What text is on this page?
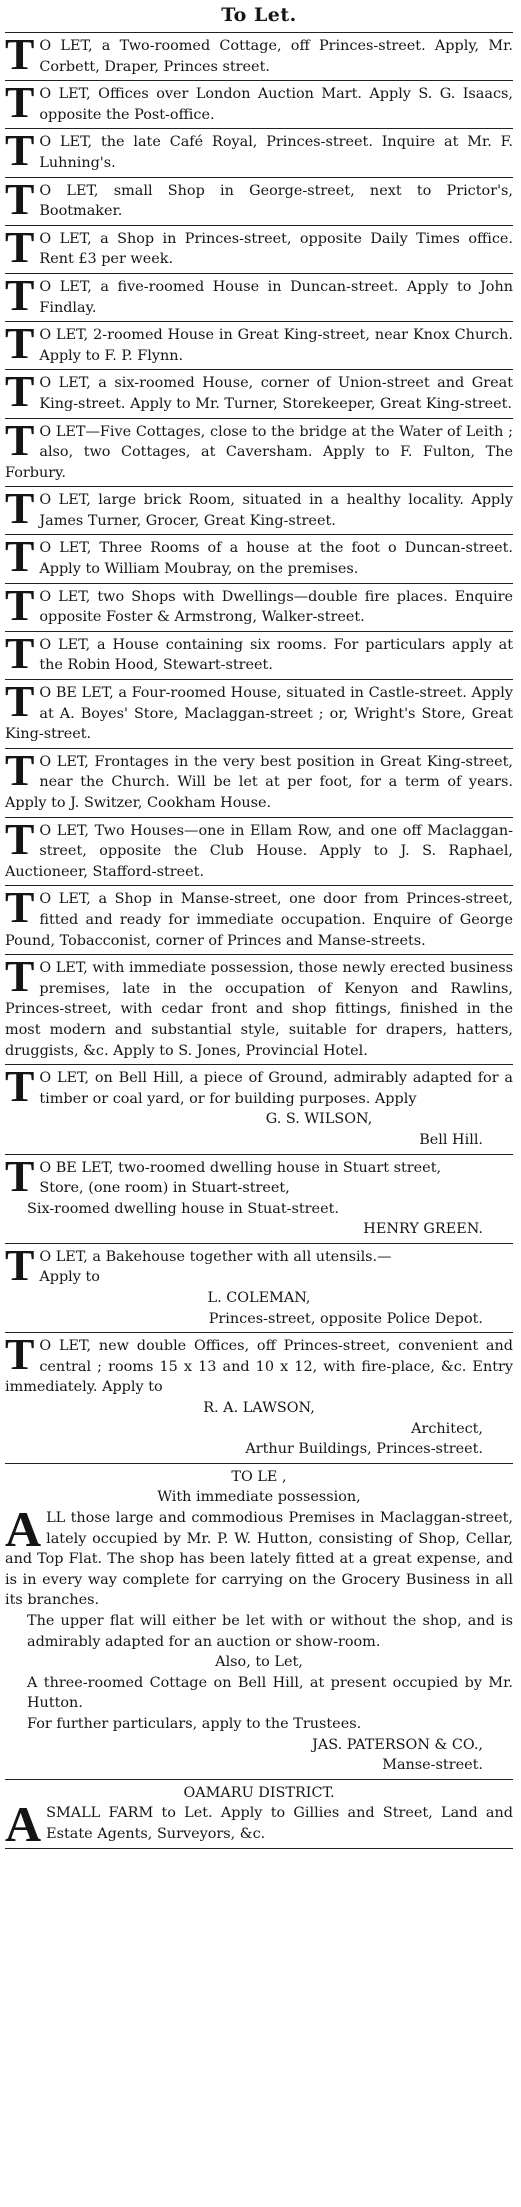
To Let.
T O LET, a Two-roomed Cottage, off Princes-street. Apply, Mr. Corbett, Draper, Princes street.
T O LET, Offices over London Auction Mart. Apply S. G. Isaacs, opposite the Post-office.
T O LET, the late Café Royal, Princes-street. Inquire at Mr. F. Luhning's.
T O LET, small Shop in George-street, next to Prictor's, Bootmaker.
T O LET, a Shop in Princes-street, opposite Daily Times office. Rent £3 per week.
T O LET, a five-roomed House in Duncan-street. Apply to John Findlay.
T O LET, 2-roomed House in Great King-street, near Knox Church. Apply to F. P. Flynn.
T O LET, a six-roomed House, corner of Union-street and Great King-street. Apply to Mr. Turner, Storekeeper, Great King-street.
T O LET—Five Cottages, close to the bridge at the Water of Leith ; also, two Cottages, at Caversham. Apply to F. Fulton, The Forbury.
T O LET, large brick Room, situated in a healthy locality. Apply James Turner, Grocer, Great King-street.
T O LET, Three Rooms of a house at the foot o Duncan-street. Apply to William Moubray, on the premises.
T O LET, two Shops with Dwellings—double fire places. Enquire opposite Foster & Armstrong, Walker-street.
T O LET, a House containing six rooms. For particulars apply at the Robin Hood, Stewart-street.
T O BE LET, a Four-roomed House, situated in Castle-street. Apply at A. Boyes' Store, Maclaggan-street ; or, Wright's Store, Great King-street.
T O LET, Frontages in the very best position in Great King-street, near the Church. Will be let at per foot, for a term of years. Apply to J. Switzer, Cookham House.
T O LET, Two Houses—one in Ellam Row, and one off Maclaggan-street, opposite the Club House. Apply to J. S. Raphael, Auctioneer, Stafford-street.
T O LET, a Shop in Manse-street, one door from Princes-street, fitted and ready for immediate occupation. Enquire of George Pound, Tobacconist, corner of Princes and Manse-streets.
T O LET, with immediate possession, those newly erected business premises, late in the occupation of Kenyon and Rawlins, Princes-street, with cedar front and shop fittings, finished in the most modern and substantial style, suitable for drapers, hatters, druggists, &c. Apply to S. Jones, Provincial Hotel.
T O LET, on Bell Hill, a piece of Ground, admirably adapted for a timber or coal yard, or for building purposes. Apply
G. S. WILSON,
Bell Hill.
T O BE LET, two-roomed dwelling house in Stuart street,
Store, (one room) in Stuart-street,
Six-roomed dwelling house in Stuat-street.
HENRY GREEN.
T O LET, a Bakehouse together with all utensils.—
Apply to
L. COLEMAN,
Princes-street, opposite Police Depot.
T O LET, new double Offices, off Princes-street, convenient and central ; rooms 15 x 13 and 10 x 12, with fire-place, &c. Entry immediately. Apply to
R. A. LAWSON,
Architect,
Arthur Buildings, Princes-street.
TO LE ,
With immediate possession,
A LL those large and commodious Premises in Maclaggan-street, lately occupied by Mr. P. W. Hutton, consisting of Shop, Cellar, and Top Flat. The shop has been lately fitted at a great expense, and is in every way complete for carrying on the Grocery Business in all its branches.
The upper flat will either be let with or without the shop, and is admirably adapted for an auction or show-room.
Also, to Let,
A three-roomed Cottage on Bell Hill, at present occupied by Mr. Hutton.
For further particulars, apply to the Trustees.
JAS. PATERSON & CO.,
Manse-street.
OAMARU DISTRICT.
A SMALL FARM to Let. Apply to Gillies and Street, Land and Estate Agents, Surveyors, &c.
